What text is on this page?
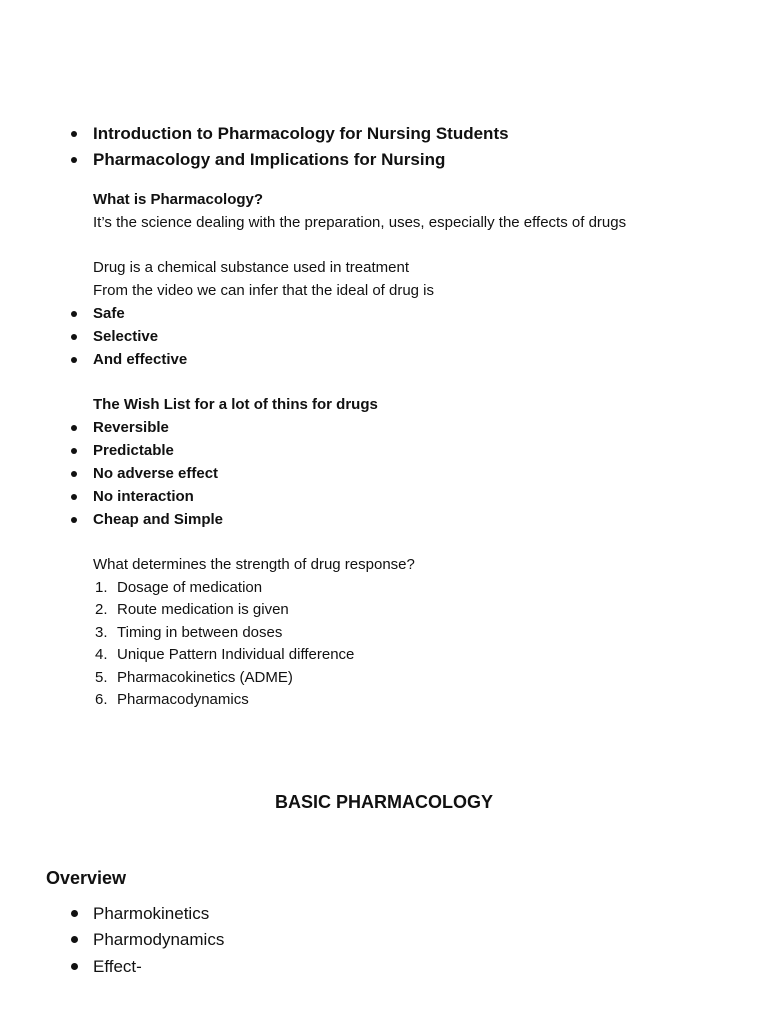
Introduction to Pharmacology for Nursing Students
Pharmacology and Implications for Nursing
What is Pharmacology?
It’s the science dealing with the preparation, uses, especially the effects of drugs
Drug is a chemical substance used in treatment
From the video we can infer that the ideal of drug is
Safe
Selective
And effective
The Wish List for a lot of thins for drugs
Reversible
Predictable
No adverse effect
No interaction
Cheap and Simple
What determines the strength of drug response?
1. Dosage of medication
2. Route medication is given
3. Timing in between doses
4. Unique Pattern Individual difference
5. Pharmacokinetics (ADME)
6. Pharmacodynamics
BASIC PHARMACOLOGY
Overview
Pharmokinetics
Pharmodynamics
Effect-
